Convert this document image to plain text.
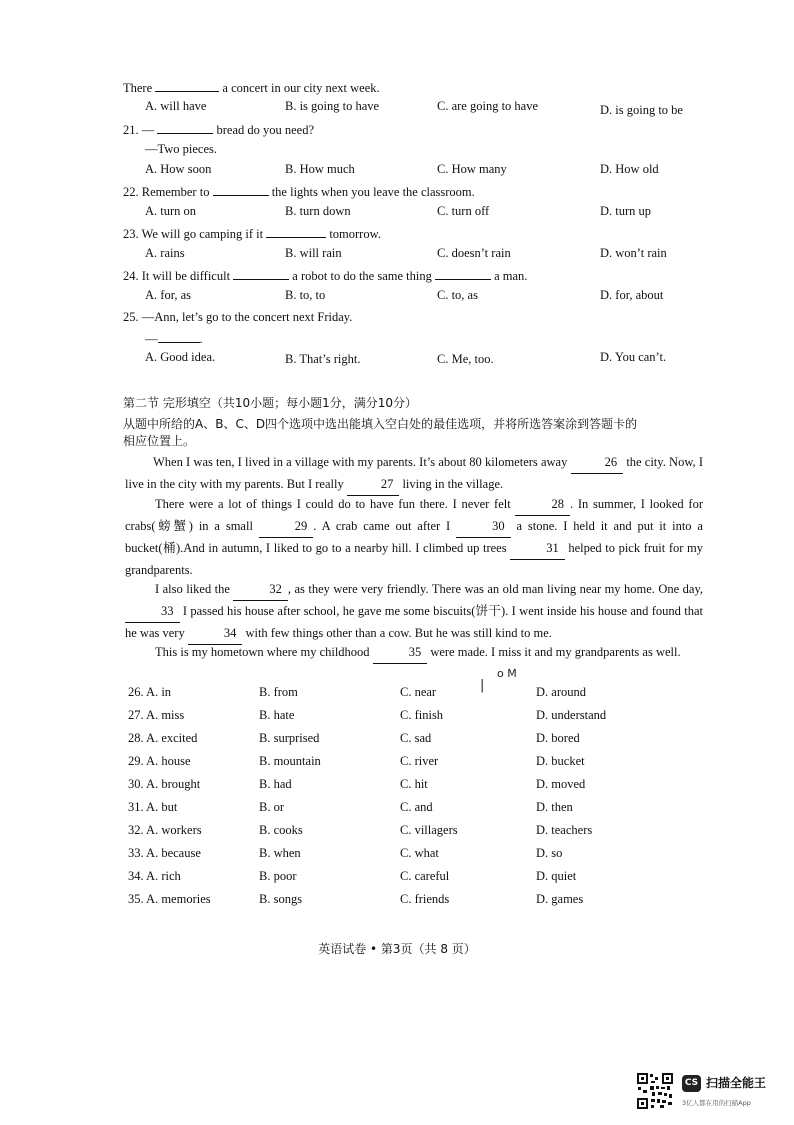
There	a concert in our city next week.
A. will have	B. is going to have	C. are going to have	D. is going to be
21. —	bread do you need?
—Two pieces.
A. How soon	B. How much	C. How many	D. How old
22. Remember to	the lights when you leave the classroom.
A. turn on	B. turn down	C. turn off	D. turn up
23. We will go camping if it	tomorrow.
A. rains	B. will rain	C. doesn’t rain	D. won’t rain
24. It will be difficult	a robot to do the same thing	a man.
A. for, as	B. to, to	C. to, as	D. for, about
25. —Ann, let’s go to the concert next Friday.
—	.
A. Good idea.	B. That’s right.	C. Me, too.	D. You can’t.
第二节 完形填空（共10小题；每小题1分，满分10分）
从题中所给的A、B、C、D四个选项中选出能填入空白处的最佳选项，并将所选答案涂到答题卡的
相应位置上。
When I was ten, I lived in a village with my parents. It’s about 80 kilometers away	26 the city. Now, I live in the city with my parents. But I really	27 living in the village.
There were a lot of things I could do to have fun there. I never felt	28 . In summer, I looked for crabs(螃蟹) in a small	29 . A crab came out after I	30 a stone. I held it and put it into a bucket(桶).And in autumn, I liked to go to a nearby hill. I climbed up trees	31 helped to pick fruit for my grandparents.
I also liked the	32 , as they were very friendly. There was an old man living near my home. One day, 33 I passed his house after school, he gave me some biscuits(饼干). I went inside his house and found that he was very	34 with few things other than a cow. But he was still kind to me.
This is my hometown where my childhood	35 were made. I miss it and my grandparents as well.
|
o M
26. A. in	B. from	C. near	D. around
27. A. miss	B. hate	C. finish	D. understand
28. A. excited	B. surprised	C. sad	D. bored
29. A. house	B. mountain	C. river	D. bucket
30. A. brought	B. had	C. hit	D. moved
31. A. but	B. or	C. and	D. then
32. A. workers	B. cooks	C. villagers	D. teachers
33. A. because	B. when	C. what	D. so
34. A. rich	B. poor	C. careful	D. quiet
35. A. memories	B. songs	C. friends	D. games
英语试卷 • 第3页（共 8 页）
CS 扫描全能王
3亿人都在用的扫描App
